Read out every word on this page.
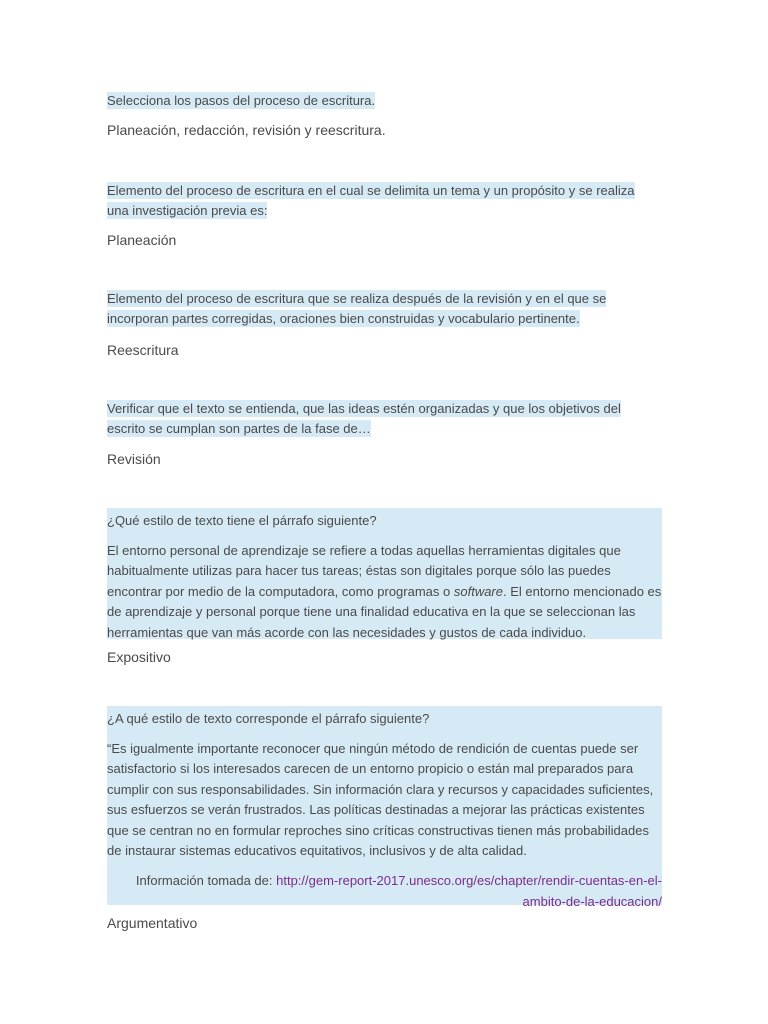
Selecciona los pasos del proceso de escritura.
Planeación, redacción, revisión y reescritura.
Elemento del proceso de escritura en el cual se delimita un tema y un propósito y se realiza una investigación previa es:
Planeación
Elemento del proceso de escritura que se realiza después de la revisión y en el que se incorporan partes corregidas, oraciones bien construidas y vocabulario pertinente.
Reescritura
Verificar que el texto se entienda, que las ideas estén organizadas y que los objetivos del escrito se cumplan son partes de la fase de…
Revisión
¿Qué estilo de texto tiene el párrafo siguiente?
El entorno personal de aprendizaje se refiere a todas aquellas herramientas digitales que habitualmente utilizas para hacer tus tareas; éstas son digitales porque sólo las puedes encontrar por medio de la computadora, como programas o software. El entorno mencionado es de aprendizaje y personal porque tiene una finalidad educativa en la que se seleccionan las herramientas que van más acorde con las necesidades y gustos de cada individuo.
Expositivo
¿A qué estilo de texto corresponde el párrafo siguiente?
“Es igualmente importante reconocer que ningún método de rendición de cuentas puede ser satisfactorio si los interesados carecen de un entorno propicio o están mal preparados para cumplir con sus responsabilidades. Sin información clara y recursos y capacidades suficientes, sus esfuerzos se verán frustrados. Las políticas destinadas a mejorar las prácticas existentes que se centran no en formular reproches sino críticas constructivas tienen más probabilidades de instaurar sistemas educativos equitativos, inclusivos y de alta calidad.
Información tomada de: http://gem-report-2017.unesco.org/es/chapter/rendir-cuentas-en-el-ambito-de-la-educacion/
Argumentativo
